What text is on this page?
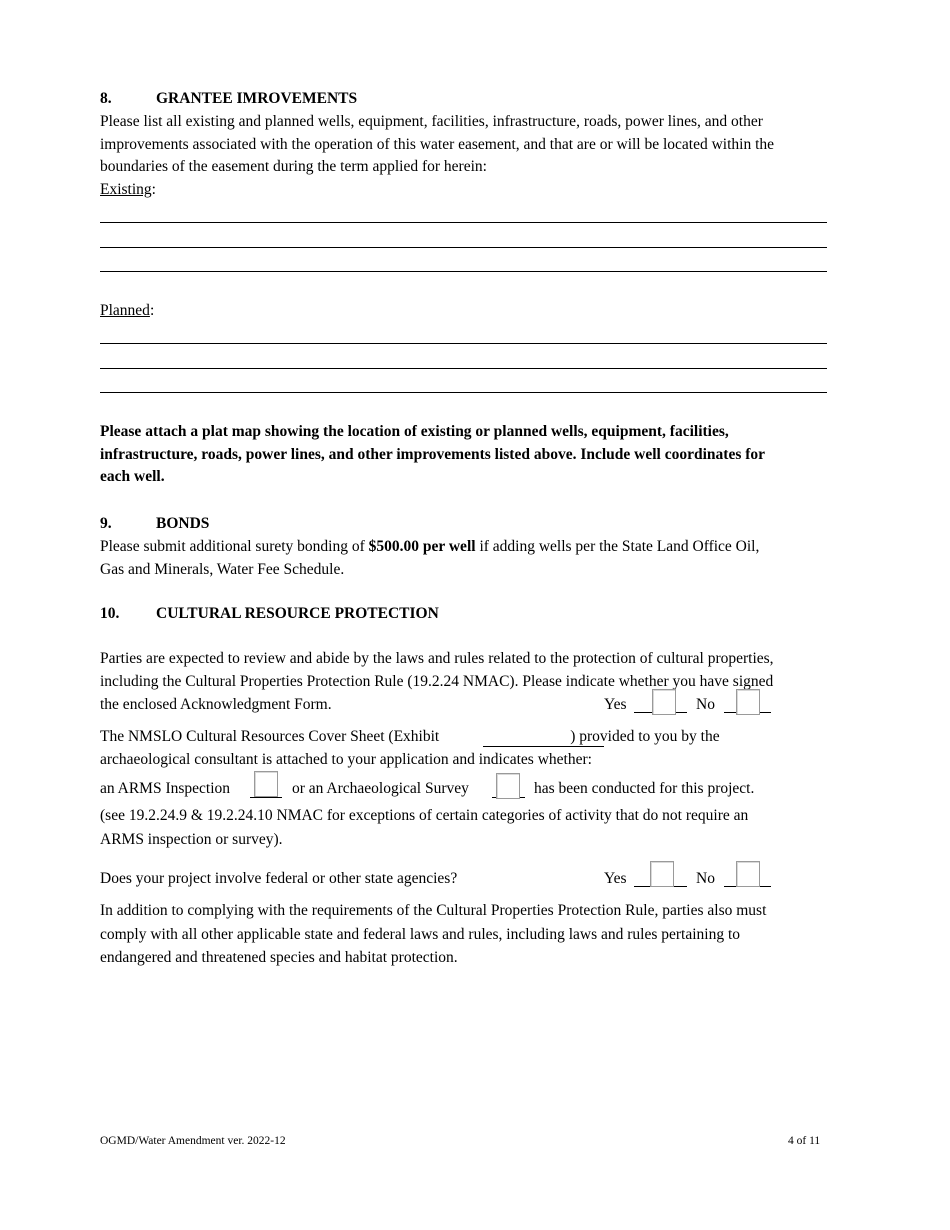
8.	GRANTEE IMROVEMENTS
Please list all existing and planned wells, equipment, facilities, infrastructure, roads, power lines, and other
improvements associated with the operation of this water easement, and that are or will be located within the
boundaries of the easement during the term applied for herein:
Existing:
Planned:
Please attach a plat map showing the location of existing or planned wells, equipment, facilities,
infrastructure, roads, power lines, and other improvements listed above. Include well coordinates for
each well.
9.	BONDS
Please submit additional surety bonding of $500.00 per well if adding wells per the State Land Office Oil,
Gas and Minerals, Water Fee Schedule.
10. CULTURAL RESOURCE PROTECTION
Parties are expected to review and abide by the laws and rules related to the protection of cultural properties,
including the Cultural Properties Protection Rule (19.2.24 NMAC). Please indicate whether you have signed
the enclosed Acknowledgment Form.	Yes	No
The NMSLO Cultural Resources Cover Sheet (Exhibit	) provided to you by the
archaeological consultant is attached to your application and indicates whether:
an ARMS Inspection	or an Archaeological Survey	has been conducted for this project.
(see 19.2.24.9 & 19.2.24.10 NMAC for exceptions of certain categories of activity that do not require an
ARMS inspection or survey).
Does your project involve federal or other state agencies?	Yes	No
In addition to complying with the requirements of the Cultural Properties Protection Rule, parties also must
comply with all other applicable state and federal laws and rules, including laws and rules pertaining to
endangered and threatened species and habitat protection.
OGMD/Water Amendment ver. 2022-12	4 of 11
